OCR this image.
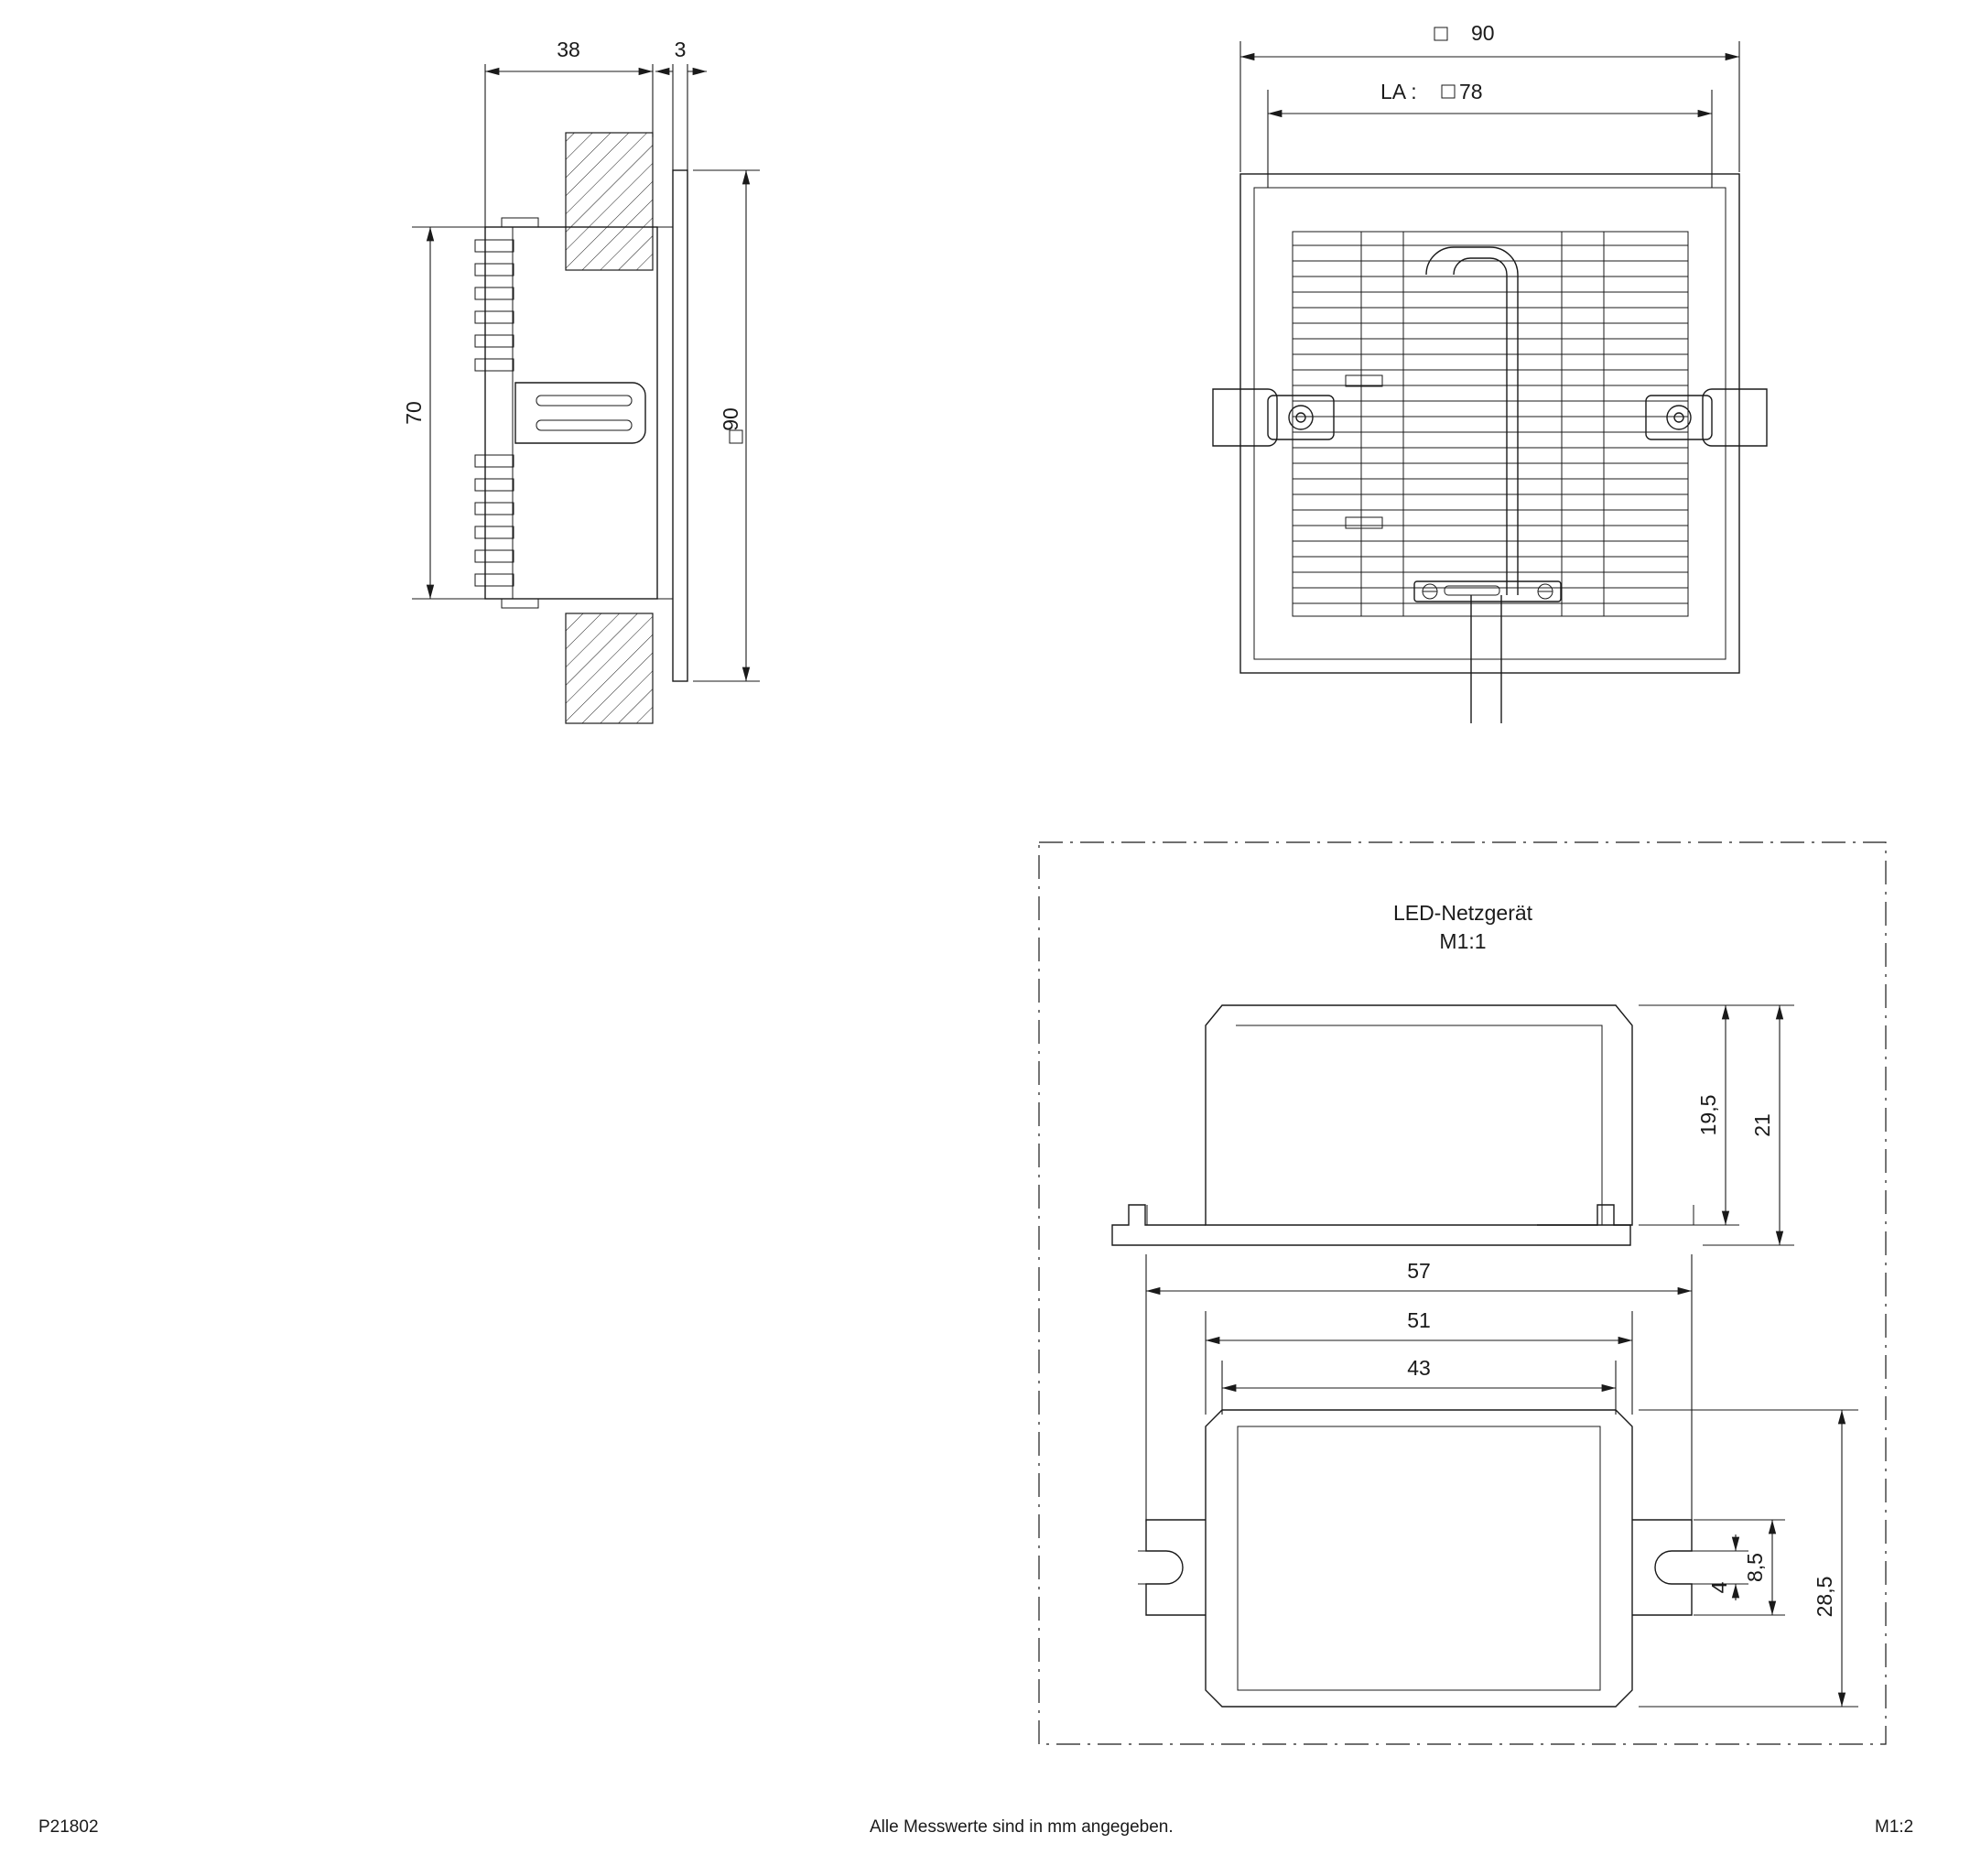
38	3
70	90
90
LA : 78
LED-Netzgerät
M1:1
19,5 21
57
51
43
4
8,5
28,5
P21802	Alle Messwerte sind in mm angegeben.	M1:2
